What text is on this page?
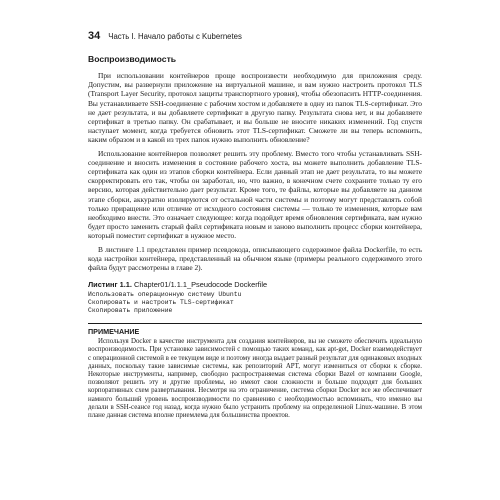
34 Часть I. Начало работы с Kubernetes
Воспроизводимость

При использовании контейнеров проще воспроизвести необходимую для приложения среду. Допустим, вы развернули приложение на виртуальной машине, и вам нужно настроить протокол TLS (Transport Layer Security, протокол защиты транспортного уровня), чтобы обезопасить HTTP-соединения. Вы устанавливаете SSH-соединение с рабочим хостом и добавляете в одну из папок TLS-сертификат. Это не дает результата, и вы добавляете сертификат в другую папку. Результата снова нет, и вы добавляете сертификат в третью папку. Он срабатывает, и вы больше не вносите никаких изменений. Год спустя наступает момент, когда требуется обновить этот TLS-сертификат. Сможете ли вы теперь вспомнить, каким образом и в какой из трех папок нужно выполнить обновление?

Использование контейнеров позволяет решить эту проблему. Вместо того чтобы устанавливать SSH-соединение и вносить изменения в состояние рабочего хоста, вы можете выполнить добавление TLS-сертификата как один из этапов сборки контейнера. Если данный этап не дает результата, то вы можете скорректировать его так, чтобы он заработал, но, что важно, в конечном счете сохраните только ту его версию, которая действительно дает результат. Кроме того, те файлы, которые вы добавляете на данном этапе сборки, аккуратно изолируются от остальной части системы и поэтому могут представлять собой только приращение или отличие от исходного состояния системы — только те изменения, которые вам необходимо внести. Это означает следующее: когда подойдет время обновления сертификата, вам нужно будет просто заменить старый файл сертификата новым и заново выполнить процесс сборки контейнера, который поместит сертификат в нужное место.

В листинге 1.1 представлен пример псевдокода, описывающего содержимое файла Dockerfile, то есть кода настройки контейнера, представленный на обычном языке (примеры реального содержимого этого файла будут рассмотрены в главе 2).

Листинг 1.1. Chapter01/1.1.1_Pseudocode Dockerfile
Использовать операционную систему Ubuntu
Скопировать и настроить TLS-сертификат
Скопировать приложение
ПРИМЕЧАНИЕ

Используя Docker в качестве инструмента для создания контейнеров, вы не сможете обеспечить идеальную воспроизводимость. При установке зависимостей с помощью таких команд, как apt-get, Docker взаимодействует с операционной системой в ее текущем виде и поэтому иногда выдает разный результат для одинаковых входных данных, поскольку такие зависимые системы, как репозиторий APT, могут измениться от сборки к сборке. Некоторые инструменты, например, свободно распространяемая система сборки Bazel от компании Google, позволяют решить эту и другие проблемы, но имеют свои сложности и больше подходят для больших корпоративных схем развертывания. Несмотря на это ограничение, система сборки Docker все же обеспечивает намного больший уровень воспроизводимости по сравнению с необходимостью вспоминать, что именно вы делали в SSH-сеансе год назад, когда нужно было устранить проблему на определенной Linux-машине. В этом плане данная система вполне приемлема для большинства проектов.
